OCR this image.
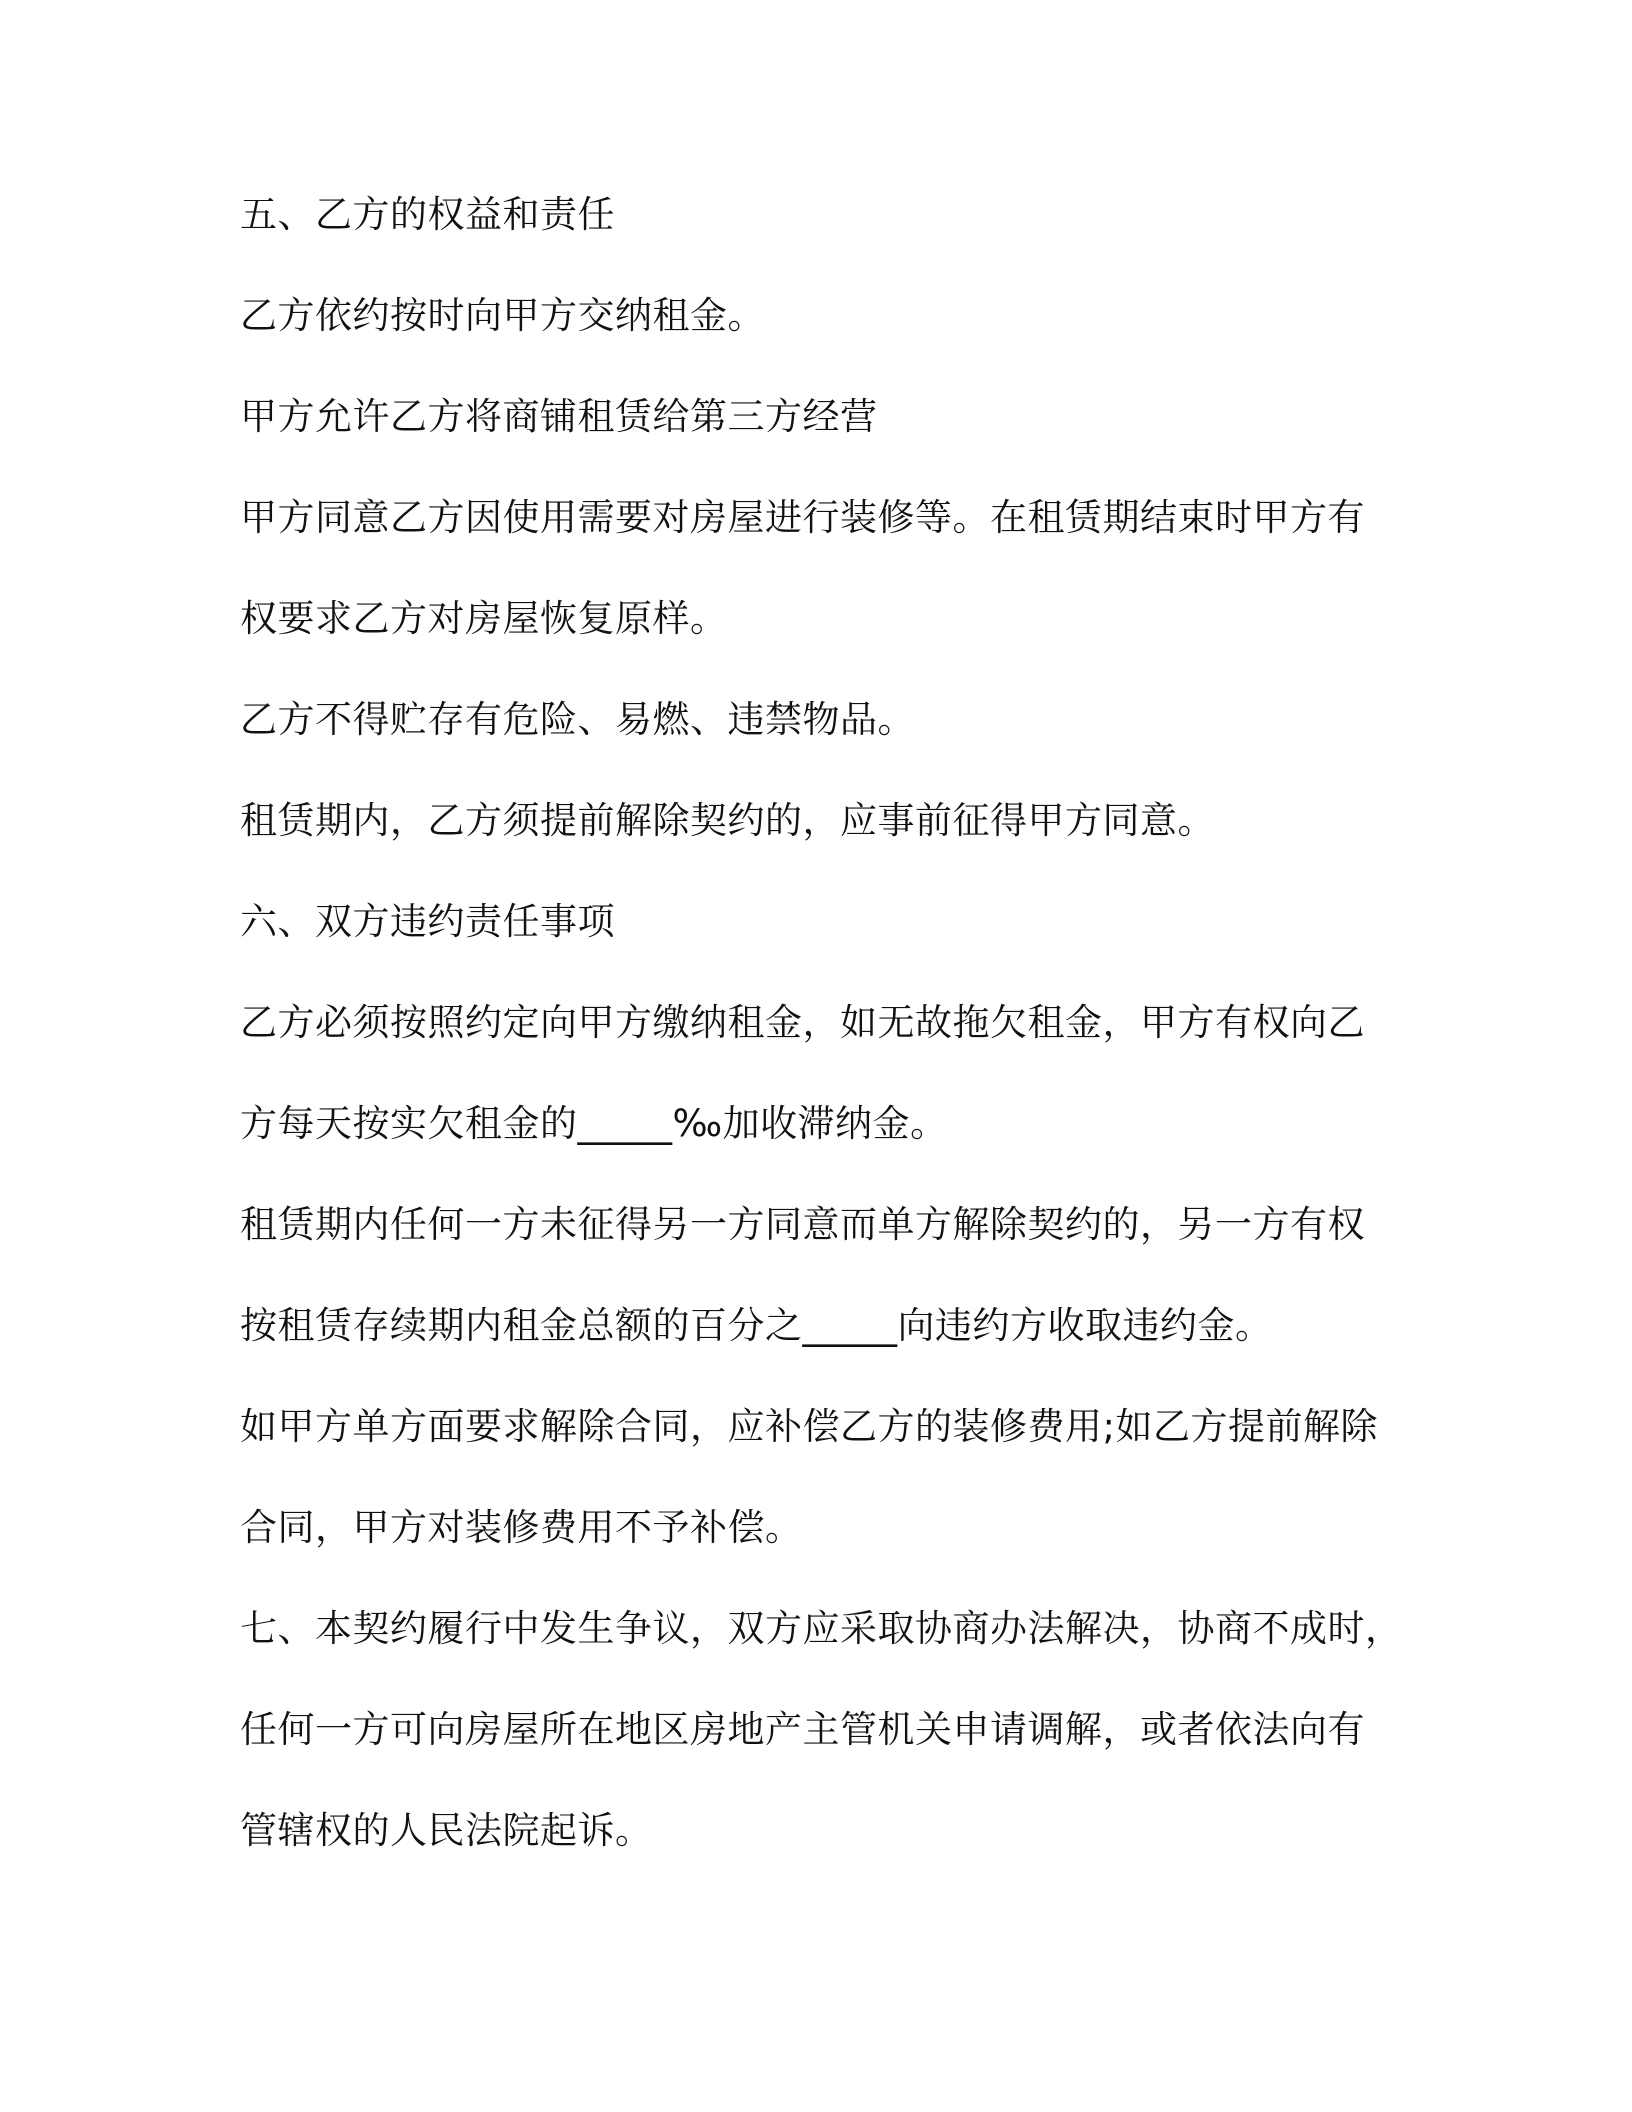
五、乙方的权益和责任
乙方依约按时向甲方交纳租金。
甲方允许乙方将商铺租赁给第三方经营
甲方同意乙方因使用需要对房屋进行装修等。在租赁期结束时甲方有
权要求乙方对房屋恢复原样。
乙方不得贮存有危险、易燃、违禁物品。
租赁期内，乙方须提前解除契约的，应事前征得甲方同意。
六、双方违约责任事项
乙方必须按照约定向甲方缴纳租金，如无故拖欠租金，甲方有权向乙
方每天按实欠租金的_____‰加收滞纳金。
租赁期内任何一方未征得另一方同意而单方解除契约的，另一方有权
按租赁存续期内租金总额的百分之_____向违约方收取违约金。
如甲方单方面要求解除合同，应补偿乙方的装修费用;如乙方提前解除
合同，甲方对装修费用不予补偿。
七、本契约履行中发生争议，双方应采取协商办法解决，协商不成时，
任何一方可向房屋所在地区房地产主管机关申请调解，或者依法向有
管辖权的人民法院起诉。
